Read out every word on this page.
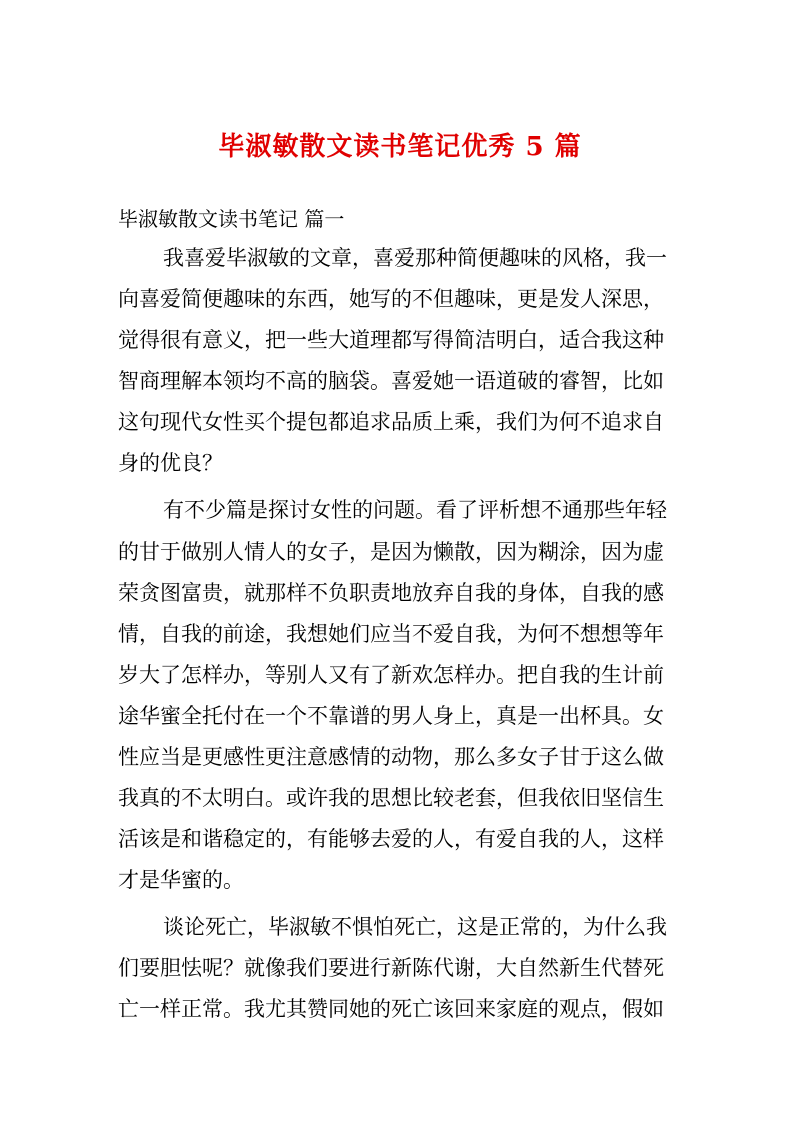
毕淑敏散文读书笔记优秀 5 篇

毕淑敏散文读书笔记 篇一

我喜爱毕淑敏的文章，喜爱那种简便趣味的风格，我一

向喜爱简便趣味的东西，她写的不但趣味，更是发人深思，

觉得很有意义，把一些大道理都写得简洁明白，适合我这种

智商理解本领均不高的脑袋。喜爱她一语道破的睿智，比如

这句现代女性买个提包都追求品质上乘，我们为何不追求自

身的优良？

有不少篇是探讨女性的问题。看了评析想不通那些年轻

的甘于做别人情人的女子，是因为懒散，因为糊涂，因为虚

荣贪图富贵，就那样不负职责地放弃自我的身体，自我的感

情，自我的前途，我想她们应当不爱自我，为何不想想等年

岁大了怎样办，等别人又有了新欢怎样办。把自我的生计前

途华蜜全托付在一个不靠谱的男人身上，真是一出杯具。女

性应当是更感性更注意感情的动物，那么多女子甘于这么做

我真的不太明白。或许我的思想比较老套，但我依旧坚信生

活该是和谐稳定的，有能够去爱的人，有爱自我的人，这样

才是华蜜的。

谈论死亡，毕淑敏不惧怕死亡，这是正常的，为什么我

们要胆怯呢？就像我们要进行新陈代谢，大自然新生代替死

亡一样正常。我尤其赞同她的死亡该回来家庭的观点，假如
